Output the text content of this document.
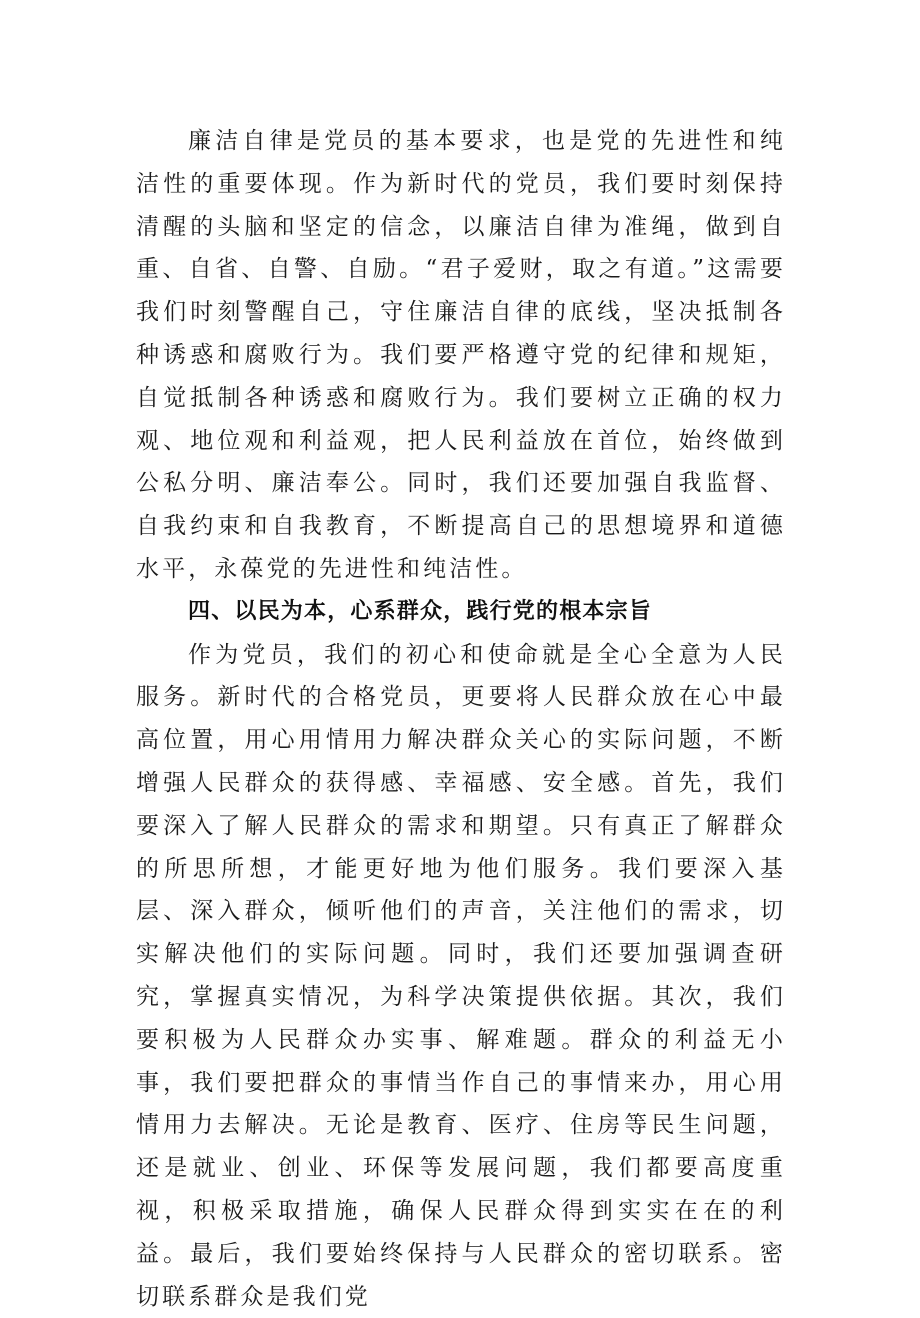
廉洁自律是党员的基本要求，也是党的先进性和纯洁性的重要体现。作为新时代的党员，我们要时刻保持清醒的头脑和坚定的信念，以廉洁自律为准绳，做到自重、自省、自警、自励。“君子爱财，取之有道。”这需要我们时刻警醒自己，守住廉洁自律的底线，坚决抵制各种诱惑和腐败行为。我们要严格遵守党的纪律和规矩，自觉抵制各种诱惑和腐败行为。我们要树立正确的权力观、地位观和利益观，把人民利益放在首位，始终做到公私分明、廉洁奉公。同时，我们还要加强自我监督、自我约束和自我教育，不断提高自己的思想境界和道德水平，永葆党的先进性和纯洁性。

四、以民为本，心系群众，践行党的根本宗旨

作为党员，我们的初心和使命就是全心全意为人民服务。新时代的合格党员，更要将人民群众放在心中最高位置，用心用情用力解决群众关心的实际问题，不断增强人民群众的获得感、幸福感、安全感。首先，我们要深入了解人民群众的需求和期望。只有真正了解群众的所思所想，才能更好地为他们服务。我们要深入基层、深入群众，倾听他们的声音，关注他们的需求，切实解决他们的实际问题。同时，我们还要加强调查研究，掌握真实情况，为科学决策提供依据。其次，我们要积极为人民群众办实事、解难题。群众的利益无小事，我们要把群众的事情当作自己的事情来办，用心用情用力去解决。无论是教育、医疗、住房等民生问题，还是就业、创业、环保等发展问题，我们都要高度重视，积极采取措施，确保人民群众得到实实在在的利益。最后，我们要始终保持与人民群众的密切联系。密切联系群众是我们党
